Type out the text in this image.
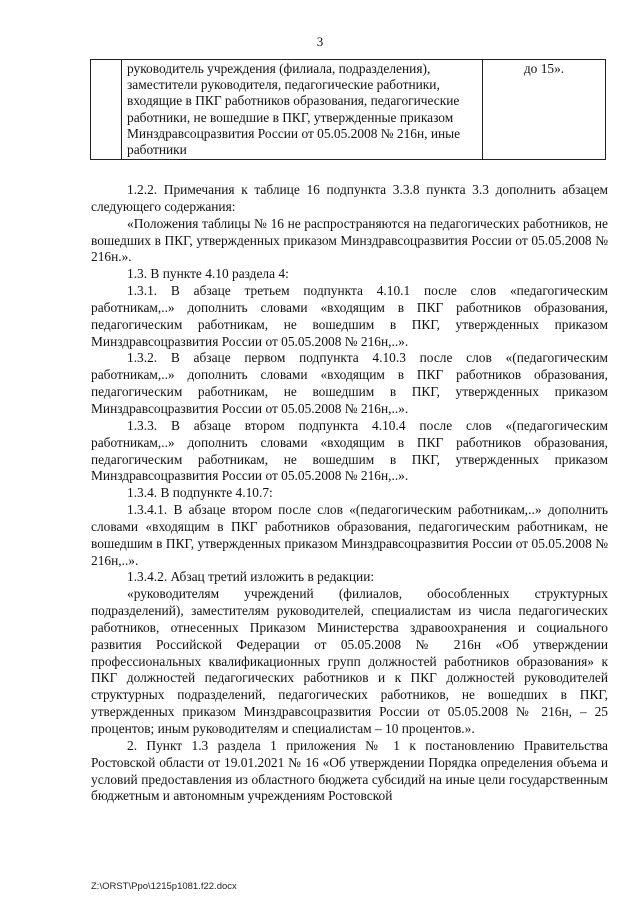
3
	руководитель учреждения (филиала, подразделения), заместители руководителя, педагогические работники, входящие в ПКГ работников образования, педагогические работники, не вошедшие в ПКГ, утвержденные приказом Минздравсоцразвития России от 05.05.2008 № 216н, иные работники	до 15».

1.2.2. Примечания к таблице 16 подпункта 3.3.8 пункта 3.3 дополнить абзацем следующего содержания:

«Положения таблицы № 16 не распространяются на педагогических работников, не вошедших в ПКГ, утвержденных приказом Минздравсоцразвития России от 05.05.2008 № 216н.».

1.3. В пункте 4.10 раздела 4:

1.3.1. В абзаце третьем подпункта 4.10.1 после слов «педагогическим работникам,..» дополнить словами «входящим в ПКГ работников образования, педагогическим работникам, не вошедшим в ПКГ, утвержденных приказом Минздравсоцразвития России от 05.05.2008 № 216н,..».

1.3.2. В абзаце первом подпункта 4.10.3 после слов «(педагогическим работникам,..» дополнить словами «входящим в ПКГ работников образования, педагогическим работникам, не вошедшим в ПКГ, утвержденных приказом Минздравсоцразвития России от 05.05.2008 № 216н,..».

1.3.3. В абзаце втором подпункта 4.10.4 после слов «(педагогическим работникам,..» дополнить словами «входящим в ПКГ работников образования, педагогическим работникам, не вошедшим в ПКГ, утвержденных приказом Минздравсоцразвития России от 05.05.2008 № 216н,..».

1.3.4. В подпункте 4.10.7:

1.3.4.1. В абзаце втором после слов «(педагогическим работникам,..» дополнить словами «входящим в ПКГ работников образования, педагогическим работникам, не вошедшим в ПКГ, утвержденных приказом Минздравсоцразвития России от 05.05.2008 № 216н,..».

1.3.4.2. Абзац третий изложить в редакции:

«руководителям учреждений (филиалов, обособленных структурных подразделений), заместителям руководителей, специалистам из числа педагогических работников, отнесенных Приказом Министерства здравоохранения и социального развития Российской Федерации от 05.05.2008 № 216н «Об утверждении профессиональных квалификационных групп должностей работников образования» к ПКГ должностей педагогических работников и к ПКГ должностей руководителей структурных подразделений, педагогических работников, не вошедших в ПКГ, утвержденных приказом Минздравсоцразвития России от 05.05.2008 № 216н, – 25 процентов; иным руководителям и специалистам – 10 процентов.».

2. Пункт 1.3 раздела 1 приложения № 1 к постановлению Правительства Ростовской области от 19.01.2021 № 16 «Об утверждении Порядка определения объема и условий предоставления из областного бюджета субсидий на иные цели государственным бюджетным и автономным учреждениям Ростовской

Z:\ORST\Ppo\1215p1081.f22.docx
